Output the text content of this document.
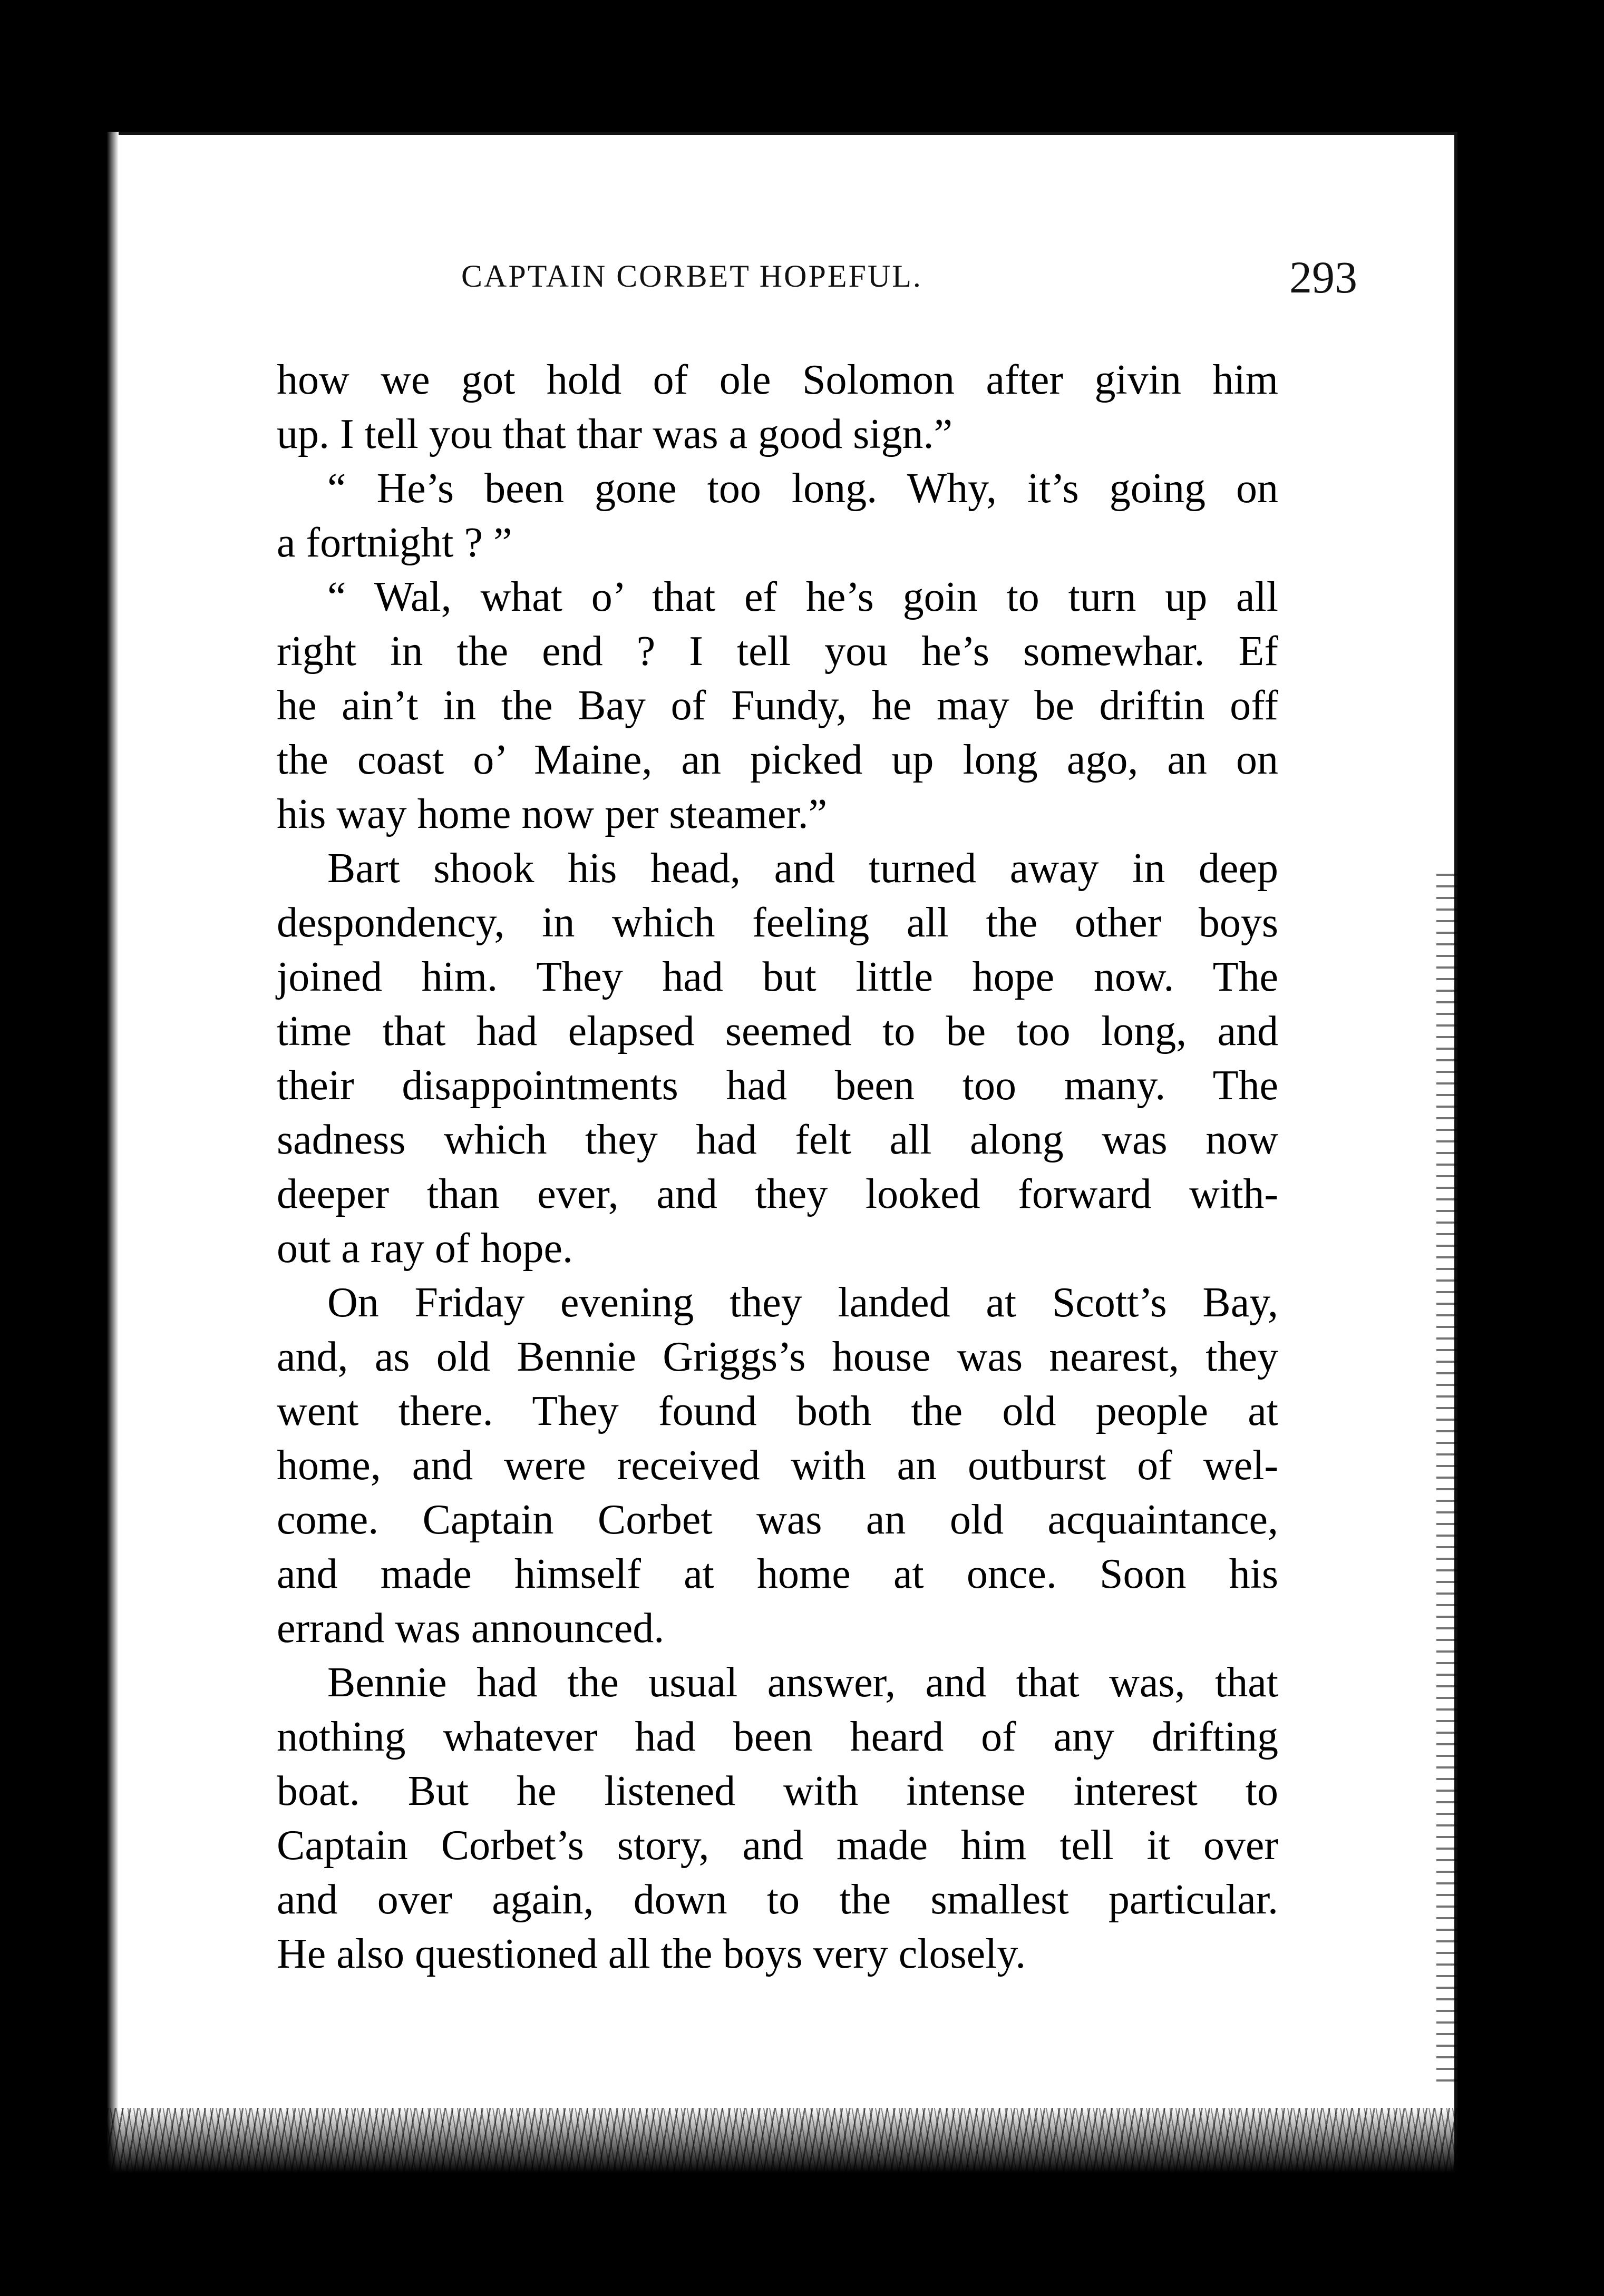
CAPTAIN CORBET HOPEFUL.	293
how we got hold of ole Solomon after givin him
up. I tell you that thar was a good sign.”
“ He’s been gone too long. Why, it’s going on
a fortnight ? ”
“ Wal, what o’ that ef he’s goin to turn up all
right in the end ? I tell you he’s somewhar. Ef
he ain’t in the Bay of Fundy, he may be driftin off
the coast o’ Maine, an picked up long ago, an on
his way home now per steamer.”
Bart shook his head, and turned away in deep
despondency, in which feeling all the other boys
joined him. They had but little hope now. The
time that had elapsed seemed to be too long, and
their disappointments had been too many. The
sadness which they had felt all along was now
deeper than ever, and they looked forward with-
out a ray of hope.
On Friday evening they landed at Scott’s Bay,
and, as old Bennie Griggs’s house was nearest, they
went there. They found both the old people at
home, and were received with an outburst of wel-
come. Captain Corbet was an old acquaintance,
and made himself at home at once. Soon his
errand was announced.
Bennie had the usual answer, and that was, that
nothing whatever had been heard of any drifting
boat. But he listened with intense interest to
Captain Corbet’s story, and made him tell it over
and over again, down to the smallest particular.
He also questioned all the boys very closely.
